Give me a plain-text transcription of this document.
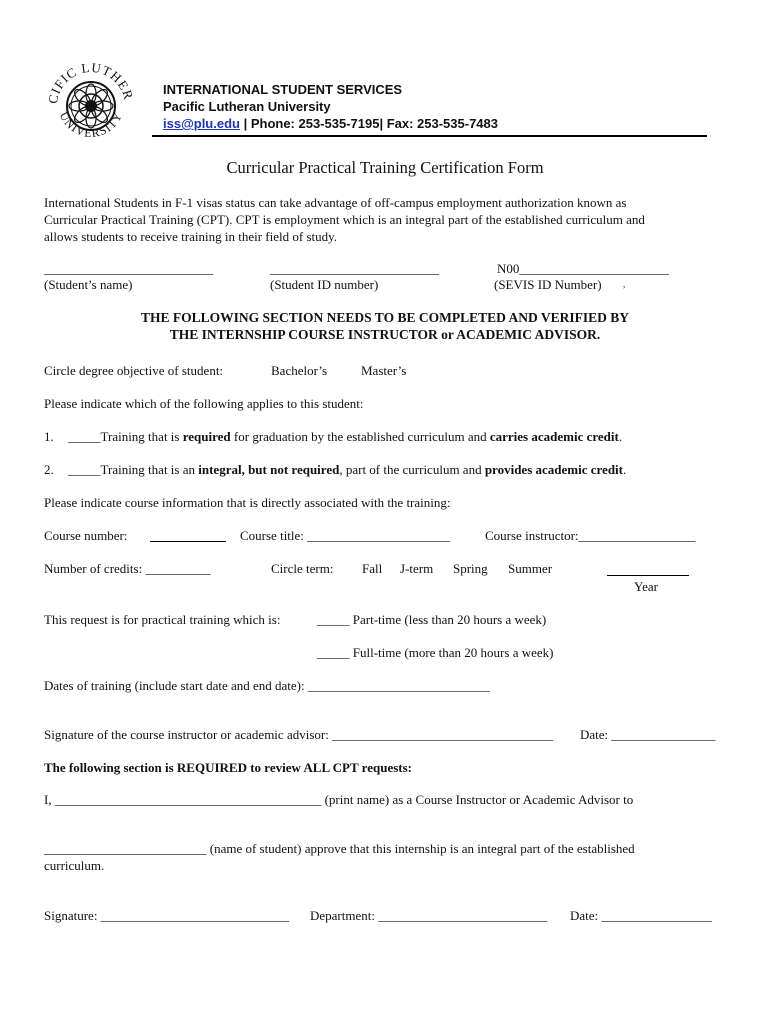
CIFIC LUTHER
UNIVERSITY
INTERNATIONAL STUDENT SERVICES
Pacific Lutheran University
iss@plu.edu | Phone: 253-535-7195| Fax: 253-535-7483
Curricular Practical Training Certification Form
International Students in F-1 visas status can take advantage of off-campus employment authorization known as
Curricular Practical Training (CPT). CPT is employment which is an integral part of the established curriculum and
allows students to receive training in their field of study.
__________________________
(Student’s name)
__________________________
(Student ID number)
N00_______________________
(SEVIS ID Number) ,
THE FOLLOWING SECTION NEEDS TO BE COMPLETED AND VERIFIED BY
THE INTERNSHIP COURSE INSTRUCTOR or ACADEMIC ADVISOR.
Circle degree objective of student:	Bachelor’s	Master’s
Please indicate which of the following applies to this student:
1. _____Training that is required for graduation by the established curriculum and carries academic credit.
2. _____Training that is an integral, but not required, part of the curriculum and provides academic credit.
Please indicate course information that is directly associated with the training:
Course number:	Course title: ______________________	Course instructor:__________________
Number of credits: __________	Circle term: Fall J-term Spring Summer
Year
This request is for practical training which is:	_____ Part-time (less than 20 hours a week)
_____ Full-time (more than 20 hours a week)
Dates of training (include start date and end date): ____________________________
Signature of the course instructor or academic advisor: __________________________________ Date: ________________
The following section is REQUIRED to review ALL CPT requests:
I, _________________________________________ (print name) as a Course Instructor or Academic Advisor to
_________________________ (name of student) approve that this internship is an integral part of the established
curriculum.
Signature: _____________________________ Department: __________________________ Date: _________________
